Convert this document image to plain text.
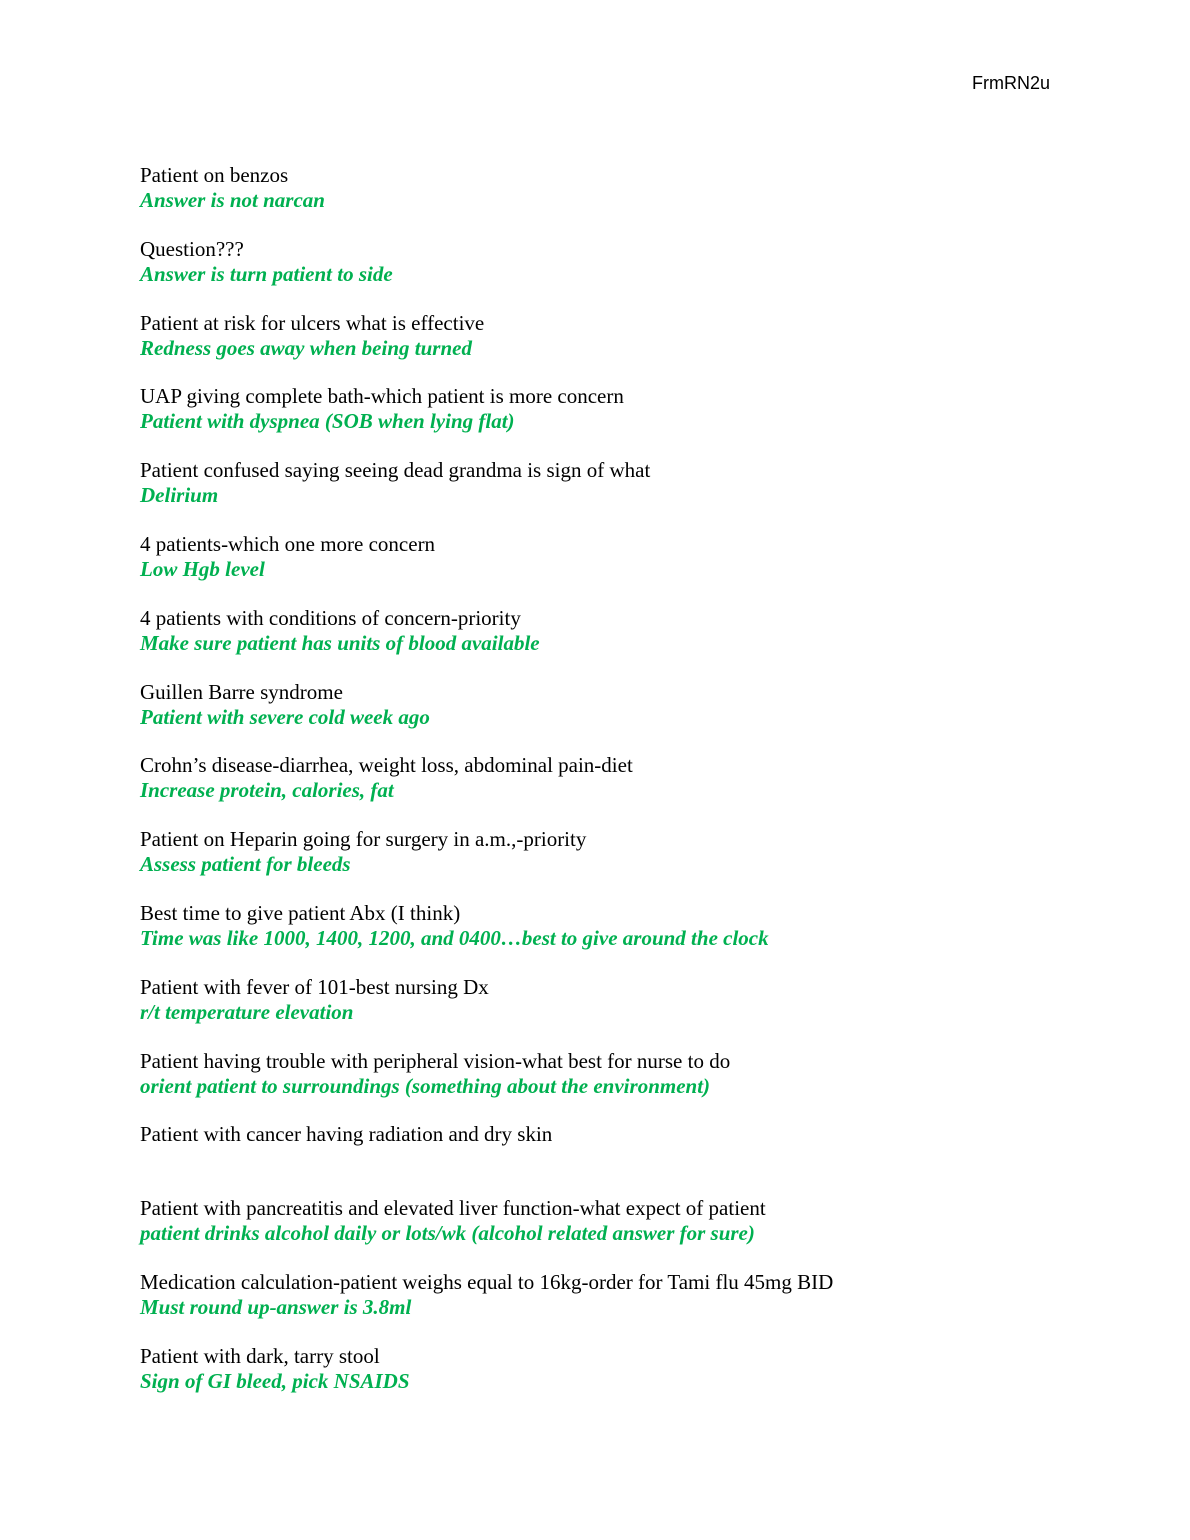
FrmRN2u
Patient on benzos
Answer is not narcan
Question???
Answer is turn patient to side
Patient at risk for ulcers what is effective
Redness goes away when being turned
UAP giving complete bath-which patient is more concern
Patient with dyspnea (SOB when lying flat)
Patient confused saying seeing dead grandma is sign of what
Delirium
4 patients-which one more concern
Low Hgb level
4 patients with conditions of concern-priority
Make sure patient has units of blood available
Guillen Barre syndrome
Patient with severe cold week ago
Crohn’s disease-diarrhea, weight loss, abdominal pain-diet
Increase protein, calories, fat
Patient on Heparin going for surgery in a.m.,-priority
Assess patient for bleeds
Best time to give patient Abx (I think)
Time was like 1000, 1400, 1200, and 0400…best to give around the clock
Patient with fever of 101-best nursing Dx
r/t temperature elevation
Patient having trouble with peripheral vision-what best for nurse to do
orient patient to surroundings (something about the environment)
Patient with cancer having radiation and dry skin
Patient with pancreatitis and elevated liver function-what expect of patient
patient drinks alcohol daily or lots/wk (alcohol related answer for sure)
Medication calculation-patient weighs equal to 16kg-order for Tami flu 45mg BID
Must round up-answer is 3.8ml
Patient with dark, tarry stool
Sign of GI bleed, pick NSAIDS
